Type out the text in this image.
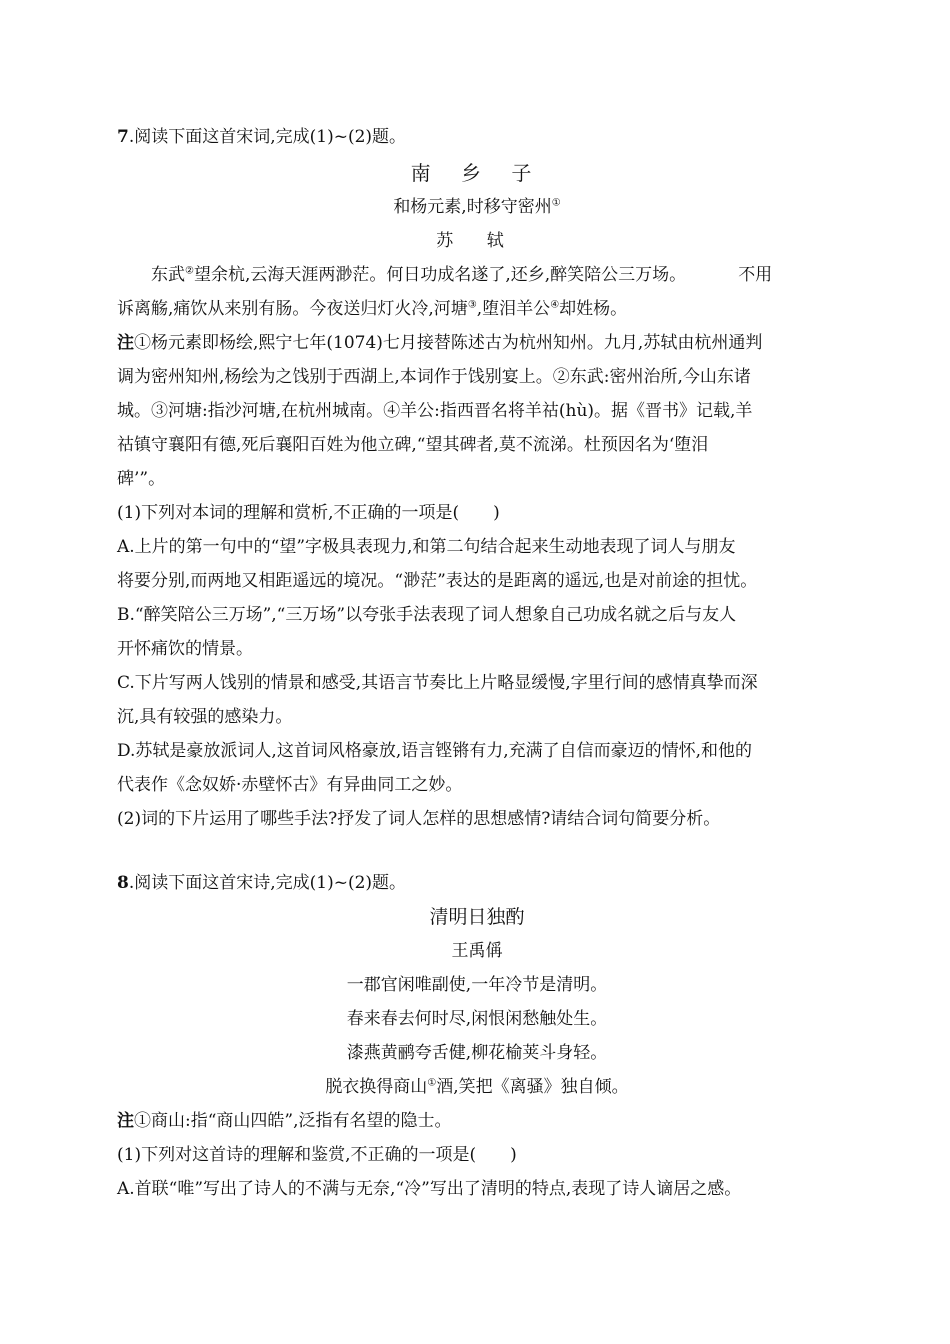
7.阅读下面这首宋词,完成(1)~(2)题。
南 乡 子
和杨元素,时移守密州①
苏 轼
东武②望余杭,云海天涯两渺茫。何日功成名遂了,还乡,醉笑陪公三万场。	不用
诉离觞,痛饮从来别有肠。今夜送归灯火冷,河塘③,堕泪羊公④却姓杨。
注①杨元素即杨绘,熙宁七年(1074)七月接替陈述古为杭州知州。九月,苏轼由杭州通判
调为密州知州,杨绘为之饯别于西湖上,本词作于饯别宴上。②东武:密州治所,今山东诸
城。③河塘:指沙河塘,在杭州城南。④羊公:指西晋名将羊祜(hù)。据《晋书》记载,羊
祜镇守襄阳有德,死后襄阳百姓为他立碑,“望其碑者,莫不流涕。杜预因名为‘堕泪
碑’”。
(1)下列对本词的理解和赏析,不正确的一项是(　　)
A.上片的第一句中的“望”字极具表现力,和第二句结合起来生动地表现了词人与朋友
将要分别,而两地又相距遥远的境况。“渺茫”表达的是距离的遥远,也是对前途的担忧。
B.“醉笑陪公三万场”,“三万场”以夸张手法表现了词人想象自己功成名就之后与友人
开怀痛饮的情景。
C.下片写两人饯别的情景和感受,其语言节奏比上片略显缓慢,字里行间的感情真挚而深
沉,具有较强的感染力。
D.苏轼是豪放派词人,这首词风格豪放,语言铿锵有力,充满了自信而豪迈的情怀,和他的
代表作《念奴娇·赤壁怀古》有异曲同工之妙。
(2)词的下片运用了哪些手法?抒发了词人怎样的思想感情?请结合词句简要分析。
8.阅读下面这首宋诗,完成(1)~(2)题。
清明日独酌
王禹偁
一郡官闲唯副使,一年冷节是清明。
春来春去何时尽,闲恨闲愁触处生。
漆燕黄鹂夸舌健,柳花榆荚斗身轻。
脱衣换得商山①酒,笑把《离骚》独自倾。
注①商山:指“商山四皓”,泛指有名望的隐士。
(1)下列对这首诗的理解和鉴赏,不正确的一项是(　　)
A.首联“唯”写出了诗人的不满与无奈,“冷”写出了清明的特点,表现了诗人谪居之感。
